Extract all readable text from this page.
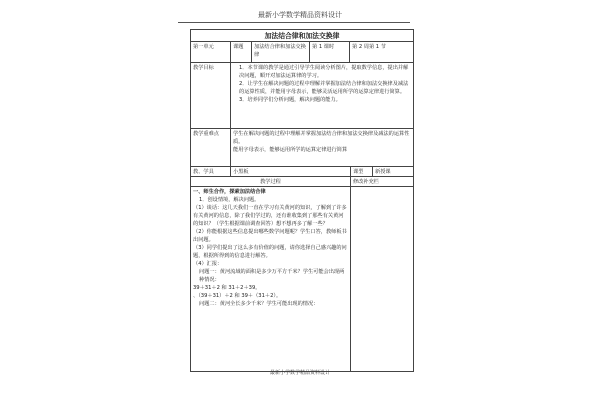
最新小学数学精品资料设计
加法结合律和加法交换律
第一单元	课题	加法结合律和加法交换律
第 1 课时	第 2 周第 1 节
教学目标	1．本节课的教学是通过引导学生阅读分析图片，提取数学信息，提出并解决问题，順开对加法运算律的学习。

2．让学生在解决问题的过程中理解并掌握加法结合律和加法交换律及减法的运算性质，并能用字母表示，能够灵活运用所学的运算定律进行简算。

3．培养同学们分析问题，解决问题的能力。

教学重难点	学生在解决问题的过程中理解并掌握加法结合律和加法交换律及减法的运算性质。

能用字母表示，能够运用所学的运算定律进行简算

教、学具	小黑板	课型	新授课
教学过程	修改补充栏

一、师生合作，探索加法结合律

1．创设情境，解决问题。

（1）谈话：这几天我们一直在学习有关黄河的知识，了解到了许多有关黄河的信息，除了我们学过的，还有谁收集到了那些有关黄河的知识？（学生根据课前调查回答）想不想再多了解一些？

（2）你能根据这些信息提出哪些数学问题呢？学生口答，教师板书出问题。

（3）同学们提出了这么多有价值的问题，请你选择自己感兴趣的问题，根据所得到的信息进行解答。

（4）汇报：

问题一：黄河流域的面积是多少万平方千米？学生可能会出现两种情况：

39＋31＋2 和 31＋2＋39。

、（39＋31）＋2 和 39＋（31＋2）。

问题二：黄河全长多少千米？学生可能出现的情况：

最新小学数学精品资料设计
